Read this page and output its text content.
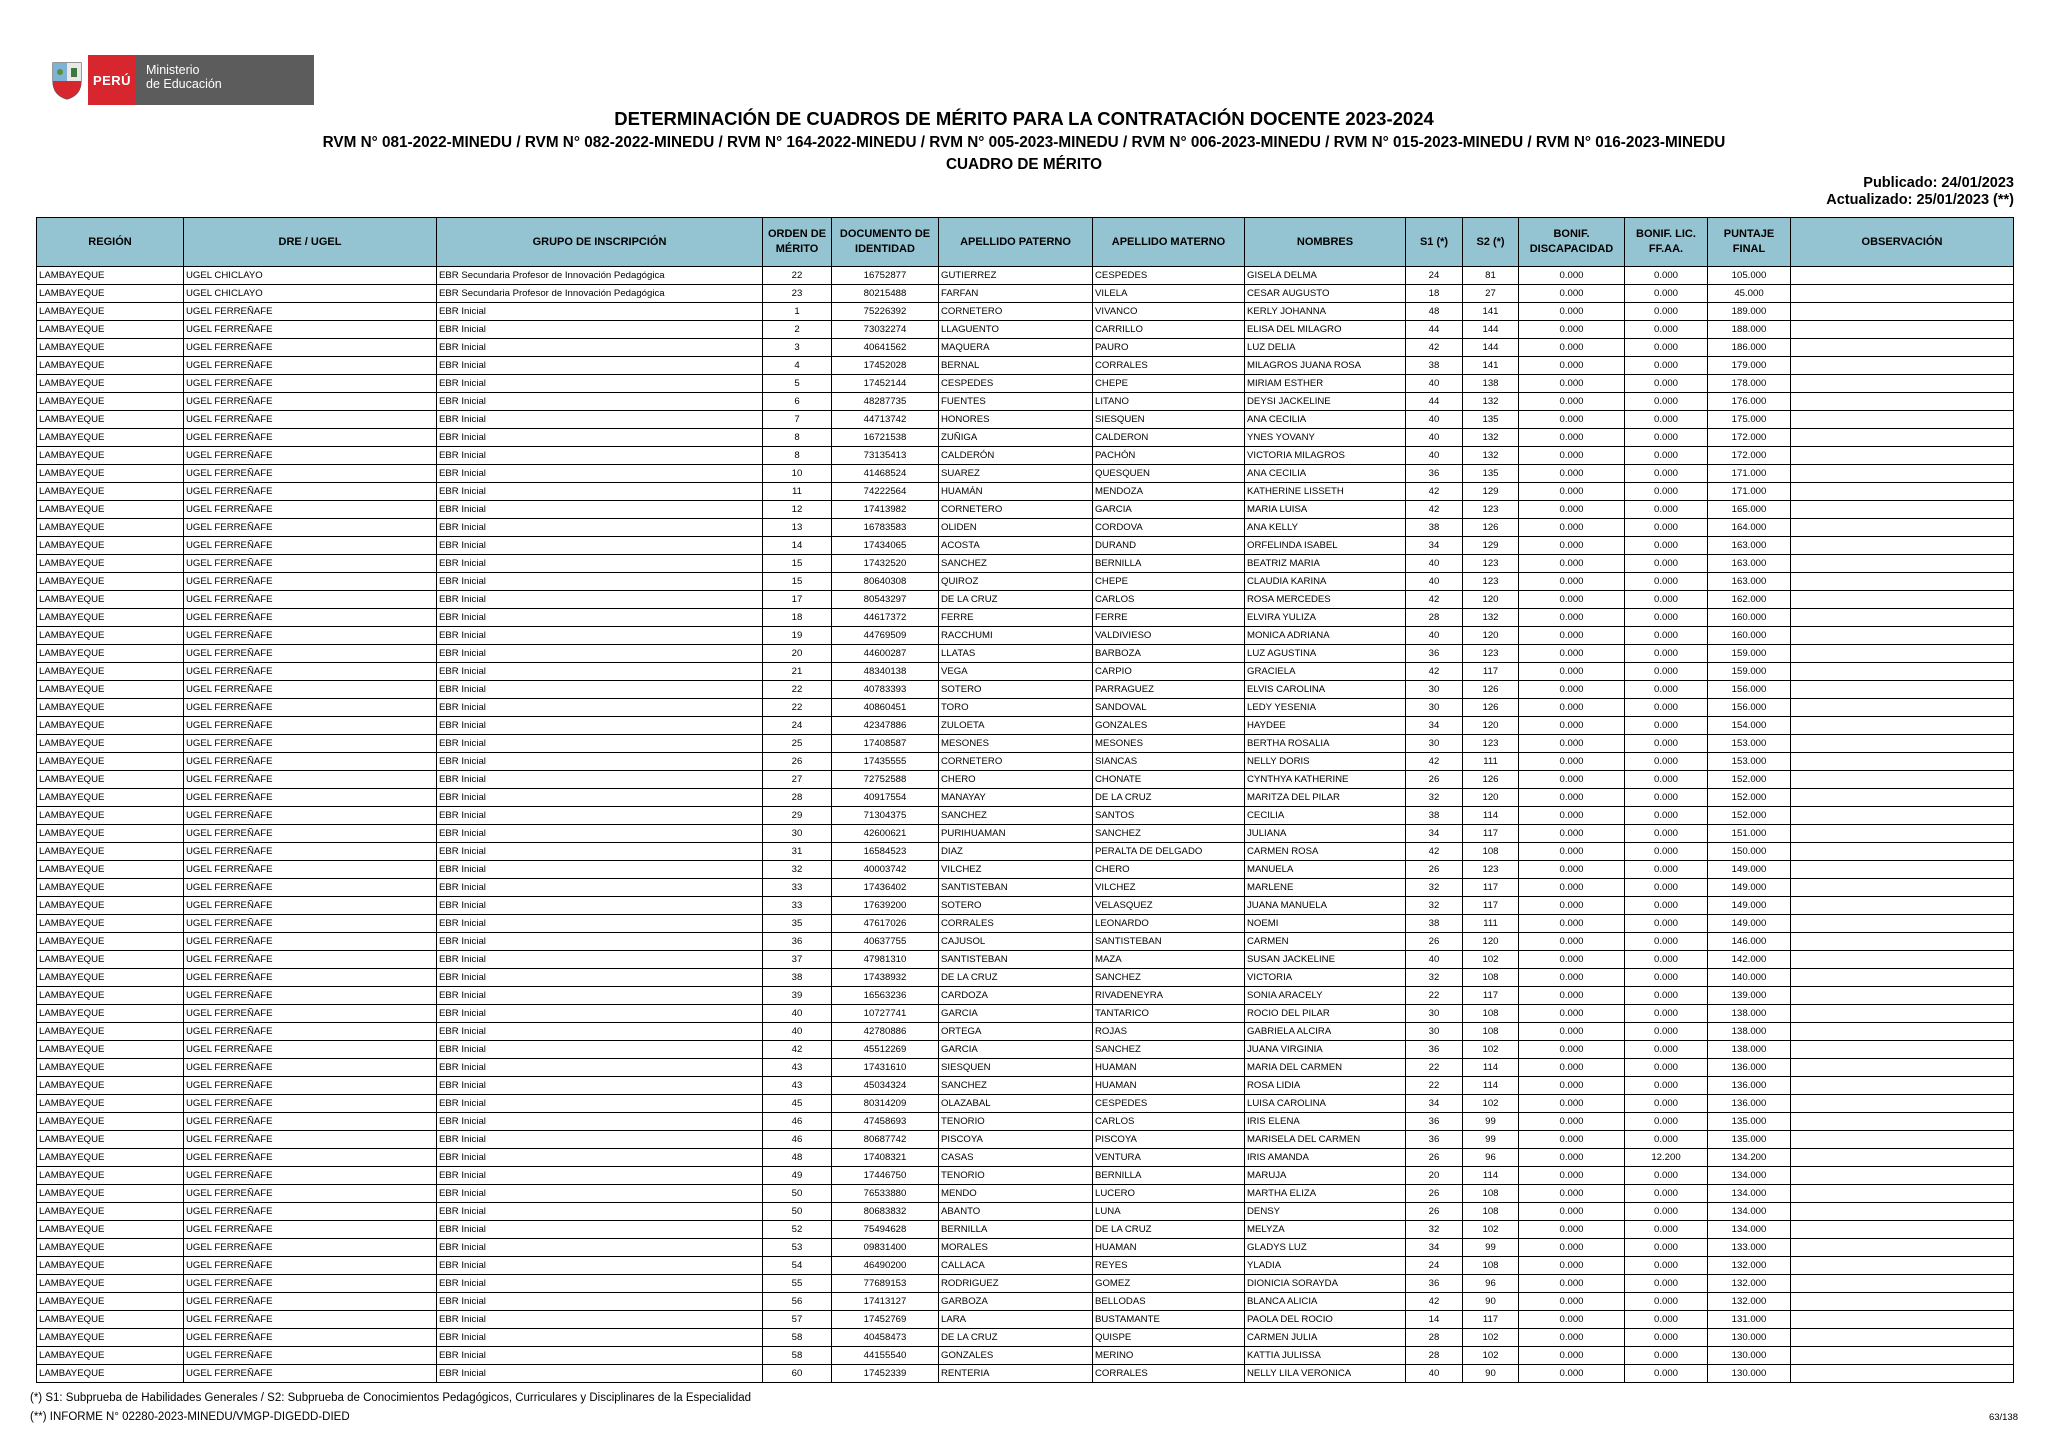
PERÚ
Ministerio
de Educación
DETERMINACIÓN DE CUADROS DE MÉRITO PARA LA CONTRATACIÓN DOCENTE 2023-2024
RVM N° 081-2022-MINEDU / RVM N° 082-2022-MINEDU / RVM N° 164-2022-MINEDU / RVM N° 005-2023-MINEDU / RVM N° 006-2023-MINEDU / RVM N° 015-2023-MINEDU / RVM N° 016-2023-MINEDU
CUADRO DE MÉRITO
Publicado: 24/01/2023
Actualizado: 25/01/2023 (**)
REGIÓN	DRE / UGEL	GRUPO DE INSCRIPCIÓN	ORDEN DE MÉRITO	DOCUMENTO DE IDENTIDAD	APELLIDO PATERNO	APELLIDO MATERNO	NOMBRES	S1 (*)	S2 (*)	BONIF. DISCAPACIDAD	BONIF. LIC. FF.AA.	PUNTAJE FINAL	OBSERVACIÓN
LAMBAYEQUE	UGEL CHICLAYO	EBR Secundaria Profesor de Innovación Pedagógica	22	16752877	GUTIERREZ	CESPEDES	GISELA DELMA	24	81	0.000	0.000	105.000	
LAMBAYEQUE	UGEL CHICLAYO	EBR Secundaria Profesor de Innovación Pedagógica	23	80215488	FARFAN	VILELA	CESAR AUGUSTO	18	27	0.000	0.000	45.000	
LAMBAYEQUE	UGEL FERREÑAFE	EBR Inicial	1	75226392	CORNETERO	VIVANCO	KERLY JOHANNA	48	141	0.000	0.000	189.000	
LAMBAYEQUE	UGEL FERREÑAFE	EBR Inicial	2	73032274	LLAGUENTO	CARRILLO	ELISA DEL MILAGRO	44	144	0.000	0.000	188.000	
LAMBAYEQUE	UGEL FERREÑAFE	EBR Inicial	3	40641562	MAQUERA	PAURO	LUZ DELIA	42	144	0.000	0.000	186.000	
LAMBAYEQUE	UGEL FERREÑAFE	EBR Inicial	4	17452028	BERNAL	CORRALES	MILAGROS JUANA ROSA	38	141	0.000	0.000	179.000	
LAMBAYEQUE	UGEL FERREÑAFE	EBR Inicial	5	17452144	CESPEDES	CHEPE	MIRIAM ESTHER	40	138	0.000	0.000	178.000	
LAMBAYEQUE	UGEL FERREÑAFE	EBR Inicial	6	48287735	FUENTES	LITANO	DEYSI JACKELINE	44	132	0.000	0.000	176.000	
LAMBAYEQUE	UGEL FERREÑAFE	EBR Inicial	7	44713742	HONORES	SIESQUEN	ANA CECILIA	40	135	0.000	0.000	175.000	
LAMBAYEQUE	UGEL FERREÑAFE	EBR Inicial	8	16721538	ZUÑIGA	CALDERON	YNES YOVANY	40	132	0.000	0.000	172.000	
LAMBAYEQUE	UGEL FERREÑAFE	EBR Inicial	8	73135413	CALDERÓN	PACHÓN	VICTORIA MILAGROS	40	132	0.000	0.000	172.000	
LAMBAYEQUE	UGEL FERREÑAFE	EBR Inicial	10	41468524	SUAREZ	QUESQUEN	ANA CECILIA	36	135	0.000	0.000	171.000	
LAMBAYEQUE	UGEL FERREÑAFE	EBR Inicial	11	74222564	HUAMÁN	MENDOZA	KATHERINE LISSETH	42	129	0.000	0.000	171.000	
LAMBAYEQUE	UGEL FERREÑAFE	EBR Inicial	12	17413982	CORNETERO	GARCIA	MARIA LUISA	42	123	0.000	0.000	165.000	
LAMBAYEQUE	UGEL FERREÑAFE	EBR Inicial	13	16783583	OLIDEN	CORDOVA	ANA KELLY	38	126	0.000	0.000	164.000	
LAMBAYEQUE	UGEL FERREÑAFE	EBR Inicial	14	17434065	ACOSTA	DURAND	ORFELINDA ISABEL	34	129	0.000	0.000	163.000	
LAMBAYEQUE	UGEL FERREÑAFE	EBR Inicial	15	17432520	SANCHEZ	BERNILLA	BEATRIZ MARIA	40	123	0.000	0.000	163.000	
LAMBAYEQUE	UGEL FERREÑAFE	EBR Inicial	15	80640308	QUIROZ	CHEPE	CLAUDIA KARINA	40	123	0.000	0.000	163.000	
LAMBAYEQUE	UGEL FERREÑAFE	EBR Inicial	17	80543297	DE LA CRUZ	CARLOS	ROSA MERCEDES	42	120	0.000	0.000	162.000	
LAMBAYEQUE	UGEL FERREÑAFE	EBR Inicial	18	44617372	FERRE	FERRE	ELVIRA YULIZA	28	132	0.000	0.000	160.000	
LAMBAYEQUE	UGEL FERREÑAFE	EBR Inicial	19	44769509	RACCHUMI	VALDIVIESO	MONICA ADRIANA	40	120	0.000	0.000	160.000	
LAMBAYEQUE	UGEL FERREÑAFE	EBR Inicial	20	44600287	LLATAS	BARBOZA	LUZ AGUSTINA	36	123	0.000	0.000	159.000	
LAMBAYEQUE	UGEL FERREÑAFE	EBR Inicial	21	48340138	VEGA	CARPIO	GRACIELA	42	117	0.000	0.000	159.000	
LAMBAYEQUE	UGEL FERREÑAFE	EBR Inicial	22	40783393	SOTERO	PARRAGUEZ	ELVIS CAROLINA	30	126	0.000	0.000	156.000	
LAMBAYEQUE	UGEL FERREÑAFE	EBR Inicial	22	40860451	TORO	SANDOVAL	LEDY YESENIA	30	126	0.000	0.000	156.000	
LAMBAYEQUE	UGEL FERREÑAFE	EBR Inicial	24	42347886	ZULOETA	GONZALES	HAYDEE	34	120	0.000	0.000	154.000	
LAMBAYEQUE	UGEL FERREÑAFE	EBR Inicial	25	17408587	MESONES	MESONES	BERTHA ROSALIA	30	123	0.000	0.000	153.000	
LAMBAYEQUE	UGEL FERREÑAFE	EBR Inicial	26	17435555	CORNETERO	SIANCAS	NELLY DORIS	42	111	0.000	0.000	153.000	
LAMBAYEQUE	UGEL FERREÑAFE	EBR Inicial	27	72752588	CHERO	CHONATE	CYNTHYA KATHERINE	26	126	0.000	0.000	152.000	
LAMBAYEQUE	UGEL FERREÑAFE	EBR Inicial	28	40917554	MANAYAY	DE LA CRUZ	MARITZA DEL PILAR	32	120	0.000	0.000	152.000	
LAMBAYEQUE	UGEL FERREÑAFE	EBR Inicial	29	71304375	SANCHEZ	SANTOS	CECILIA	38	114	0.000	0.000	152.000	
LAMBAYEQUE	UGEL FERREÑAFE	EBR Inicial	30	42600621	PURIHUAMAN	SANCHEZ	JULIANA	34	117	0.000	0.000	151.000	
LAMBAYEQUE	UGEL FERREÑAFE	EBR Inicial	31	16584523	DIAZ	PERALTA DE DELGADO	CARMEN ROSA	42	108	0.000	0.000	150.000	
LAMBAYEQUE	UGEL FERREÑAFE	EBR Inicial	32	40003742	VILCHEZ	CHERO	MANUELA	26	123	0.000	0.000	149.000	
LAMBAYEQUE	UGEL FERREÑAFE	EBR Inicial	33	17436402	SANTISTEBAN	VILCHEZ	MARLENE	32	117	0.000	0.000	149.000	
LAMBAYEQUE	UGEL FERREÑAFE	EBR Inicial	33	17639200	SOTERO	VELASQUEZ	JUANA MANUELA	32	117	0.000	0.000	149.000	
LAMBAYEQUE	UGEL FERREÑAFE	EBR Inicial	35	47617026	CORRALES	LEONARDO	NOEMI	38	111	0.000	0.000	149.000	
LAMBAYEQUE	UGEL FERREÑAFE	EBR Inicial	36	40637755	CAJUSOL	SANTISTEBAN	CARMEN	26	120	0.000	0.000	146.000	
LAMBAYEQUE	UGEL FERREÑAFE	EBR Inicial	37	47981310	SANTISTEBAN	MAZA	SUSAN JACKELINE	40	102	0.000	0.000	142.000	
LAMBAYEQUE	UGEL FERREÑAFE	EBR Inicial	38	17438932	DE LA CRUZ	SANCHEZ	VICTORIA	32	108	0.000	0.000	140.000	
LAMBAYEQUE	UGEL FERREÑAFE	EBR Inicial	39	16563236	CARDOZA	RIVADENEYRA	SONIA ARACELY	22	117	0.000	0.000	139.000	
LAMBAYEQUE	UGEL FERREÑAFE	EBR Inicial	40	10727741	GARCIA	TANTARICO	ROCIO DEL PILAR	30	108	0.000	0.000	138.000	
LAMBAYEQUE	UGEL FERREÑAFE	EBR Inicial	40	42780886	ORTEGA	ROJAS	GABRIELA ALCIRA	30	108	0.000	0.000	138.000	
LAMBAYEQUE	UGEL FERREÑAFE	EBR Inicial	42	45512269	GARCIA	SANCHEZ	JUANA VIRGINIA	36	102	0.000	0.000	138.000	
LAMBAYEQUE	UGEL FERREÑAFE	EBR Inicial	43	17431610	SIESQUEN	HUAMAN	MARIA DEL CARMEN	22	114	0.000	0.000	136.000	
LAMBAYEQUE	UGEL FERREÑAFE	EBR Inicial	43	45034324	SANCHEZ	HUAMAN	ROSA LIDIA	22	114	0.000	0.000	136.000	
LAMBAYEQUE	UGEL FERREÑAFE	EBR Inicial	45	80314209	OLAZABAL	CESPEDES	LUISA CAROLINA	34	102	0.000	0.000	136.000	
LAMBAYEQUE	UGEL FERREÑAFE	EBR Inicial	46	47458693	TENORIO	CARLOS	IRIS ELENA	36	99	0.000	0.000	135.000	
LAMBAYEQUE	UGEL FERREÑAFE	EBR Inicial	46	80687742	PISCOYA	PISCOYA	MARISELA DEL CARMEN	36	99	0.000	0.000	135.000	
LAMBAYEQUE	UGEL FERREÑAFE	EBR Inicial	48	17408321	CASAS	VENTURA	IRIS AMANDA	26	96	0.000	12.200	134.200	
LAMBAYEQUE	UGEL FERREÑAFE	EBR Inicial	49	17446750	TENORIO	BERNILLA	MARUJA	20	114	0.000	0.000	134.000	
LAMBAYEQUE	UGEL FERREÑAFE	EBR Inicial	50	76533880	MENDO	LUCERO	MARTHA ELIZA	26	108	0.000	0.000	134.000	
LAMBAYEQUE	UGEL FERREÑAFE	EBR Inicial	50	80683832	ABANTO	LUNA	DENSY	26	108	0.000	0.000	134.000	
LAMBAYEQUE	UGEL FERREÑAFE	EBR Inicial	52	75494628	BERNILLA	DE LA CRUZ	MELYZA	32	102	0.000	0.000	134.000	
LAMBAYEQUE	UGEL FERREÑAFE	EBR Inicial	53	09831400	MORALES	HUAMAN	GLADYS LUZ	34	99	0.000	0.000	133.000	
LAMBAYEQUE	UGEL FERREÑAFE	EBR Inicial	54	46490200	CALLACA	REYES	YLADIA	24	108	0.000	0.000	132.000	
LAMBAYEQUE	UGEL FERREÑAFE	EBR Inicial	55	77689153	RODRIGUEZ	GOMEZ	DIONICIA SORAYDA	36	96	0.000	0.000	132.000	
LAMBAYEQUE	UGEL FERREÑAFE	EBR Inicial	56	17413127	GARBOZA	BELLODAS	BLANCA ALICIA	42	90	0.000	0.000	132.000	
LAMBAYEQUE	UGEL FERREÑAFE	EBR Inicial	57	17452769	LARA	BUSTAMANTE	PAOLA DEL ROCIO	14	117	0.000	0.000	131.000	
LAMBAYEQUE	UGEL FERREÑAFE	EBR Inicial	58	40458473	DE LA CRUZ	QUISPE	CARMEN JULIA	28	102	0.000	0.000	130.000	
LAMBAYEQUE	UGEL FERREÑAFE	EBR Inicial	58	44155540	GONZALES	MERINO	KATTIA JULISSA	28	102	0.000	0.000	130.000	
LAMBAYEQUE	UGEL FERREÑAFE	EBR Inicial	60	17452339	RENTERIA	CORRALES	NELLY LILA VERONICA	40	90	0.000	0.000	130.000	
(*) S1: Subprueba de Habilidades Generales / S2: Subprueba de Conocimientos Pedagógicos, Curriculares y Disciplinares de la Especialidad
(**) INFORME N° 02280-2023-MINEDU/VMGP-DIGEDD-DIED	63/138
